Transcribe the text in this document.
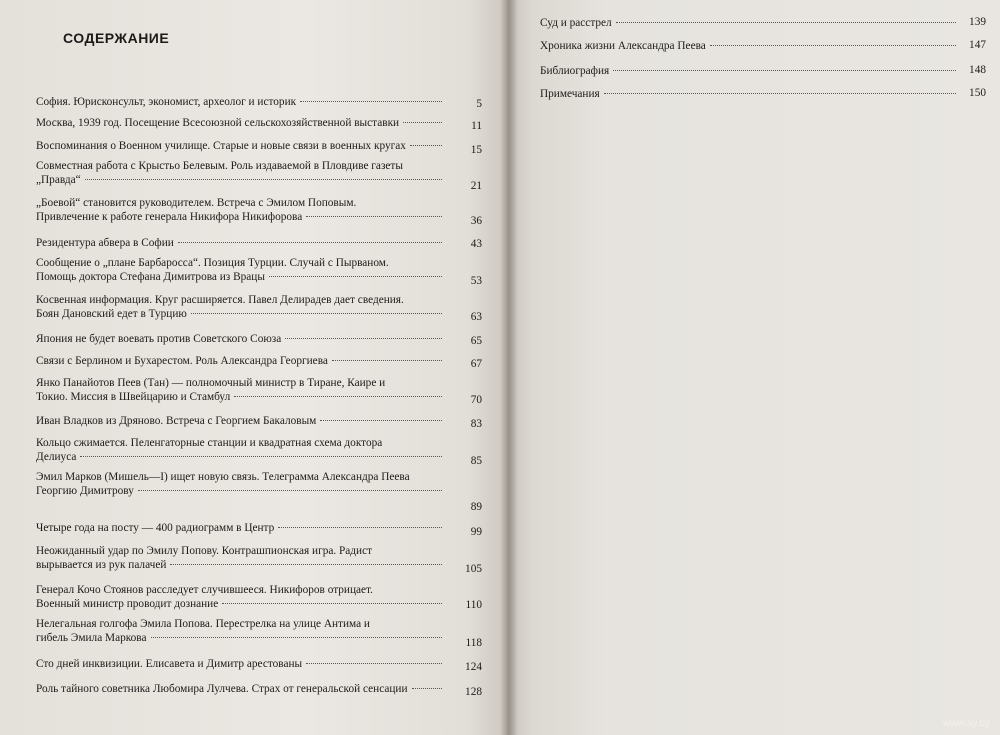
СОДЕРЖАНИЕ
София. Юрисконсульт, экономист, археолог и историк	5
Москва, 1939 год. Посещение Всесоюзной сельскохозяйственной выставки	11
Воспоминания о Военном училище. Старые и новые связи в военных кругах	15
Совместная работа с Крыстьо Белевым. Роль издаваемой в Пловдиве газеты
„Правда“	21
„Боевой“ становится руководителем. Встреча с Эмилом Поповым.
Привлечение к работе генерала Никифора Никифорова	36
Резидентура абвера в Софии	43
Сообщение о „плане Барбаросса“. Позиция Турции. Случай с Пырваном.
Помощь доктора Стефана Димитрова из Врацы	53
Косвенная информация. Круг расширяется. Павел Делирадев дает сведения.
Боян Дановский едет в Турцию	63
Япония не будет воевать против Советского Союза	65
Связи с Берлином и Бухарестом. Роль Александра Георгиева	67
Янко Панайотов Пеев (Тан) — полномочный министр в Тиране, Каире и
Токио. Миссия в Швейцарию и Стамбул	70
Иван Владков из Дряново. Встреча с Георгием Бакаловым	83
Кольцо сжимается. Пеленгаторные станции и квадратная схема доктора
Делиуса	85
Эмил Марков (Мишель—I) ищет новую связь. Телеграмма Александра Пеева
Георгию Димитрову
89
Четыре года на посту — 400 радиограмм в Центр	99
Неожиданный удар по Эмилу Попову. Контрашпионская игра. Радист
вырывается из рук палачей	105
Генерал Кочо Стоянов расследует случившееся. Никифоров отрицает.
Военный министр проводит дознание	110
Нелегальная голгофа Эмила Попова. Перестрелка на улице Антима и
гибель Эмила Маркова	118
Сто дней инквизиции. Елисавета и Димитр арестованы	124
Роль тайного советника Любомира Лулчева. Страх от генеральской сенсации	128
Суд и расстрел	139
Хроника жизни Александра Пеева	147
Библиография	148
Примечания	150
www.ay.by
